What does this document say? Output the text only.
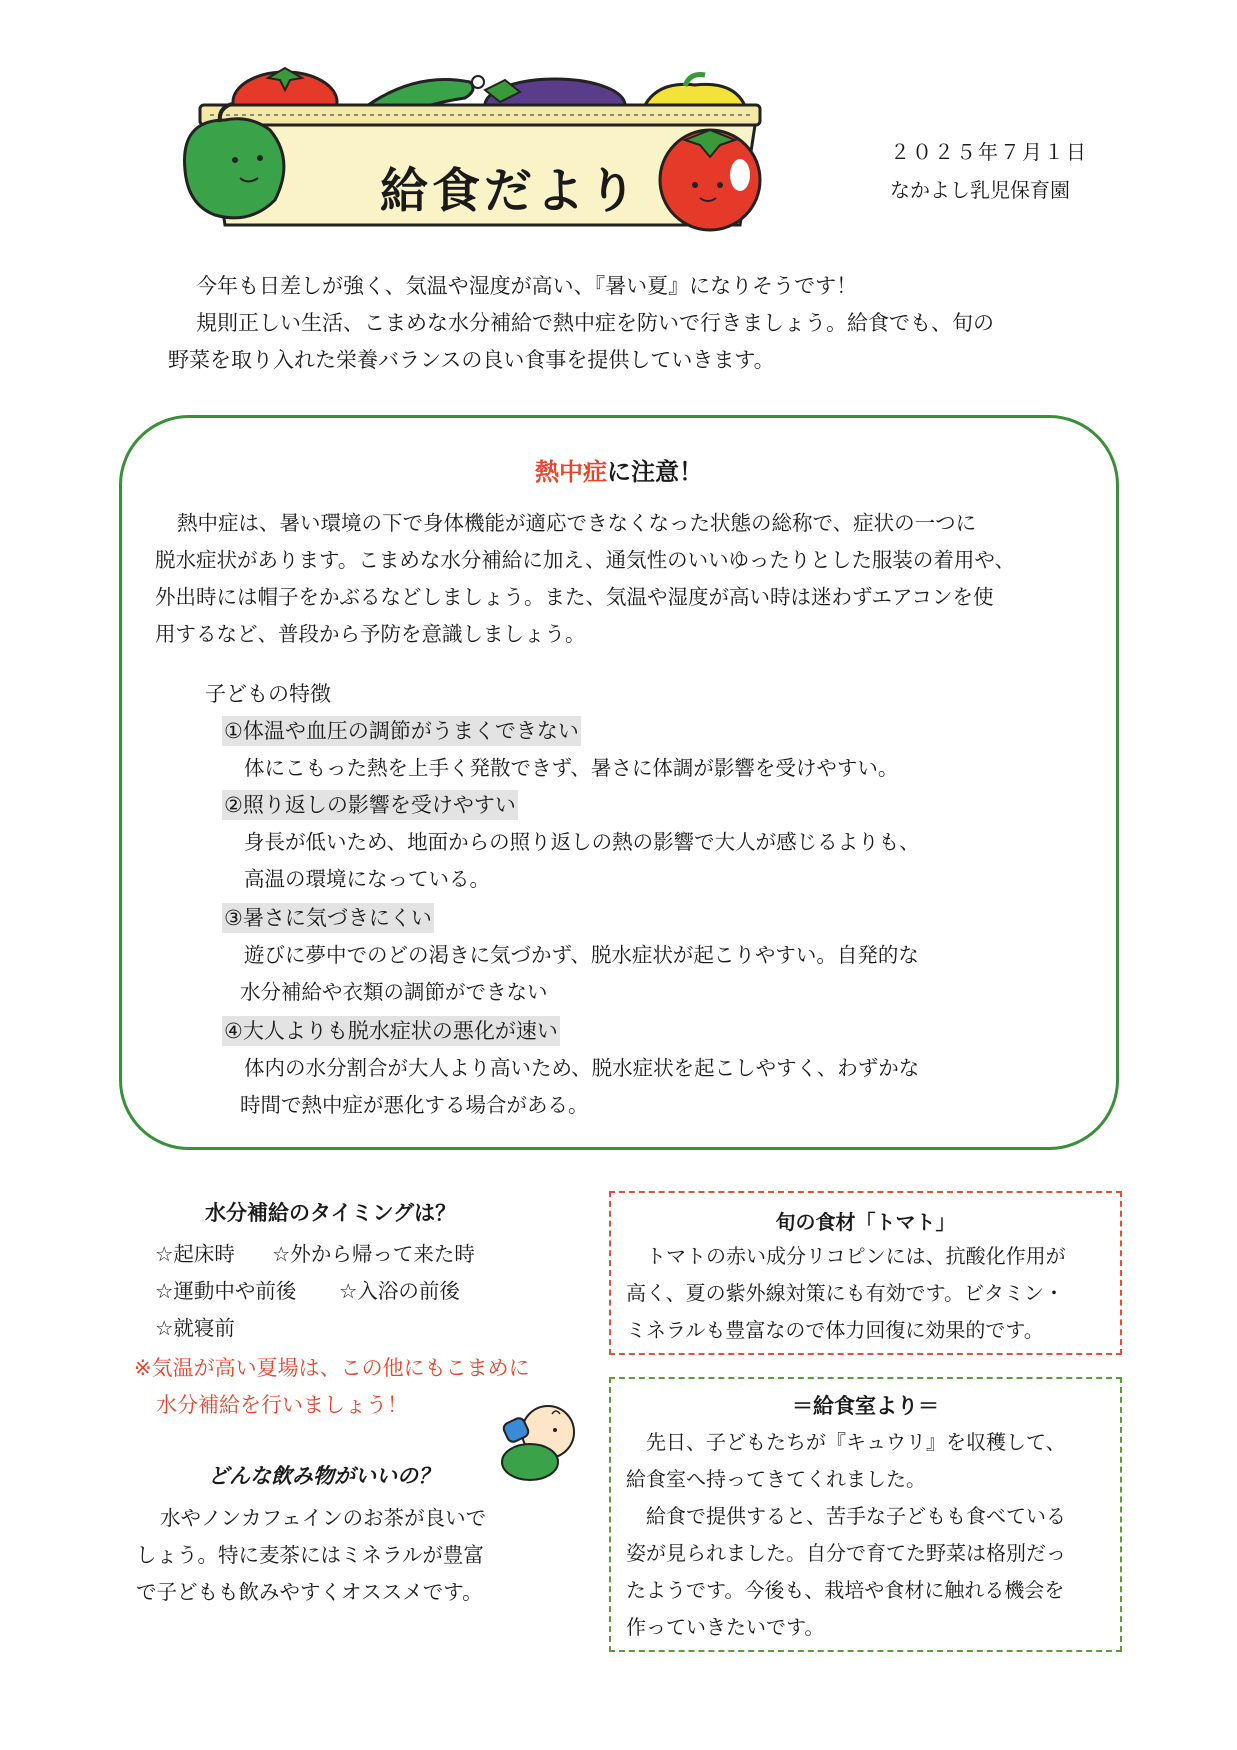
給食だより
２０２５年７月１日
なかよし乳児保育園

今年も日差しが強く、気温や湿度が高い、『暑い夏』になりそうです！

規則正しい生活、こまめな水分補給で熱中症を防いで行きましょう。給食でも、旬の

野菜を取り入れた栄養バランスの良い食事を提供していきます。

熱中症に注意！

熱中症は、暑い環境の下で身体機能が適応できなくなった状態の総称で、症状の一つに

脱水症状があります。こまめな水分補給に加え、通気性のいいゆったりとした服装の着用や、

外出時には帽子をかぶるなどしましょう。また、気温や湿度が高い時は迷わずエアコンを使

用するなど、普段から予防を意識しましょう。

子どもの特徴
①体温や血圧の調節がうまくできない
体にこもった熱を上手く発散できず、暑さに体調が影響を受けやすい。
②照り返しの影響を受けやすい
身長が低いため、地面からの照り返しの熱の影響で大人が感じるよりも、
高温の環境になっている。
③暑さに気づきにくい
遊びに夢中でのどの渇きに気づかず、脱水症状が起こりやすい。自発的な
水分補給や衣類の調節ができない
④大人よりも脱水症状の悪化が速い
体内の水分割合が大人より高いため、脱水症状を起こしやすく、わずかな
時間で熱中症が悪化する場合がある。
水分補給のタイミングは？
☆起床時 ☆外から帰って来た時
☆運動中や前後 ☆入浴の前後
☆就寝前

※気温が高い夏場は、この他にもこまめに

水分補給を行いましょう！

どんな飲み物がいいの？

水やノンカフェインのお茶が良いで

しょう。特に麦茶にはミネラルが豊富

で子どもも飲みやすくオススメです。

旬の食材「トマト」

トマトの赤い成分リコピンには、抗酸化作用が

高く、夏の紫外線対策にも有効です。ビタミン・

ミネラルも豊富なので体力回復に効果的です。

＝給食室より＝

先日、子どもたちが『キュウリ』を収穫して、

給食室へ持ってきてくれました。

給食で提供すると、苦手な子どもも食べている

姿が見られました。自分で育てた野菜は格別だっ

たようです。今後も、栽培や食材に触れる機会を

作っていきたいです。
